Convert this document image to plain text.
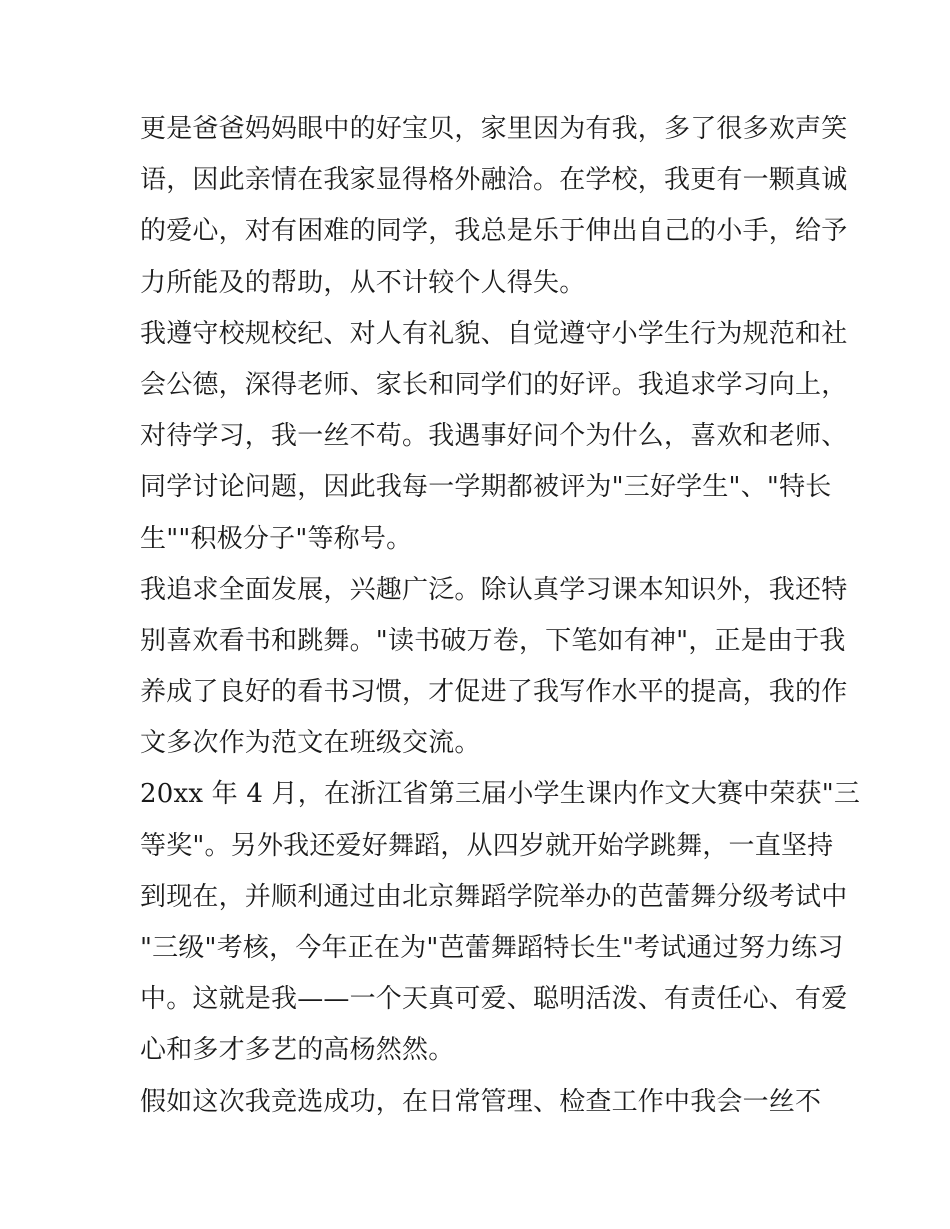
更是爸爸妈妈眼中的好宝贝，家里因为有我，多了很多欢声笑
语，因此亲情在我家显得格外融洽。在学校，我更有一颗真诚
的爱心，对有困难的同学，我总是乐于伸出自己的小手，给予
力所能及的帮助，从不计较个人得失。
我遵守校规校纪、对人有礼貌、自觉遵守小学生行为规范和社
会公德，深得老师、家长和同学们的好评。我追求学习向上，
对待学习，我一丝不苟。我遇事好问个为什么，喜欢和老师、
同学讨论问题，因此我每一学期都被评为"三好学生"、"特长
生""积极分子"等称号。
我追求全面发展，兴趣广泛。除认真学习课本知识外，我还特
别喜欢看书和跳舞。"读书破万卷，下笔如有神"，正是由于我
养成了良好的看书习惯，才促进了我写作水平的提高，我的作
文多次作为范文在班级交流。
20xx 年 4 月，在浙江省第三届小学生课内作文大赛中荣获"三
等奖"。另外我还爱好舞蹈，从四岁就开始学跳舞，一直坚持
到现在，并顺利通过由北京舞蹈学院举办的芭蕾舞分级考试中
"三级"考核，今年正在为"芭蕾舞蹈特长生"考试通过努力练习
中。这就是我——一个天真可爱、聪明活泼、有责任心、有爱
心和多才多艺的高杨然然。
假如这次我竞选成功，在日常管理、检查工作中我会一丝不
